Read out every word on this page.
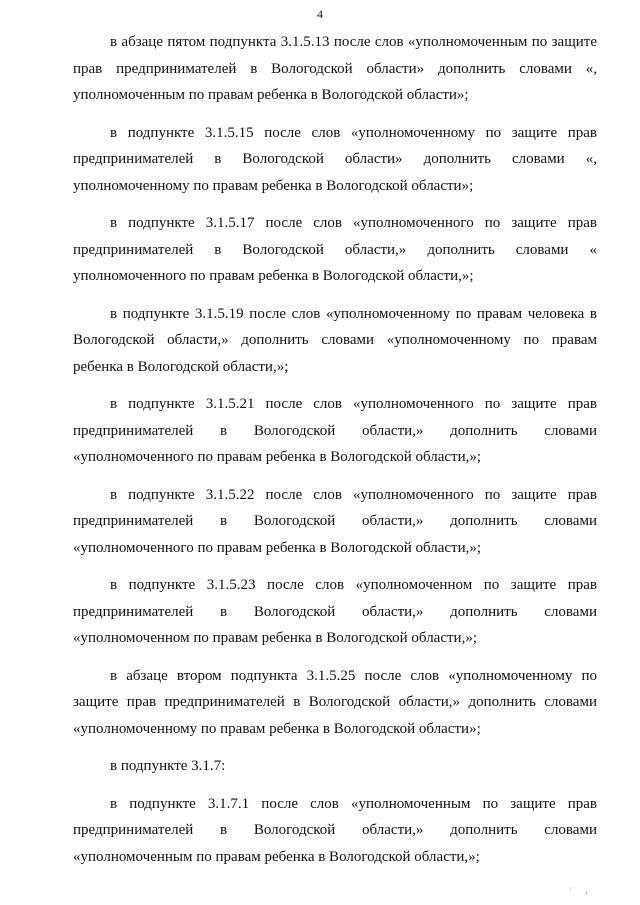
4

в абзаце пятом подпункта 3.1.5.13 после слов «уполномоченным по защите прав предпринимателей в Вологодской области» дополнить словами «, уполномоченным по правам ребенка в Вологодской области»;

в подпункте 3.1.5.15 после слов «уполномоченному по защите прав предпринимателей в Вологодской области» дополнить словами «, уполномоченному по правам ребенка в Вологодской области»;

в подпункте 3.1.5.17 после слов «уполномоченного по защите прав предпринимателей в Вологодской области,» дополнить словами « уполномоченного по правам ребенка в Вологодской области,»;

в подпункте 3.1.5.19 после слов «уполномоченному по правам человека в Вологодской области,» дополнить словами «уполномоченному по правам ребенка в Вологодской области,»;

в подпункте 3.1.5.21 после слов «уполномоченного по защите прав предпринимателей в Вологодской области,» дополнить словами «уполномоченного по правам ребенка в Вологодской области,»;

в подпункте 3.1.5.22 после слов «уполномоченного по защите прав предпринимателей в Вологодской области,» дополнить словами «уполномоченного по правам ребенка в Вологодской области,»;

в подпункте 3.1.5.23 после слов «уполномоченном по защите прав предпринимателей в Вологодской области,» дополнить словами «уполномоченном по правам ребенка в Вологодской области,»;

в абзаце втором подпункта 3.1.5.25 после слов «уполномоченному по защите прав предпринимателей в Вологодской области,» дополнить словами «уполномоченному по правам ребенка в Вологодской области»;

в подпункте 3.1.7:

в подпункте 3.1.7.1 после слов «уполномоченным по защите прав предпринимателей в Вологодской области,» дополнить словами «уполномоченным по правам ребенка в Вологодской области,»;

' ,
